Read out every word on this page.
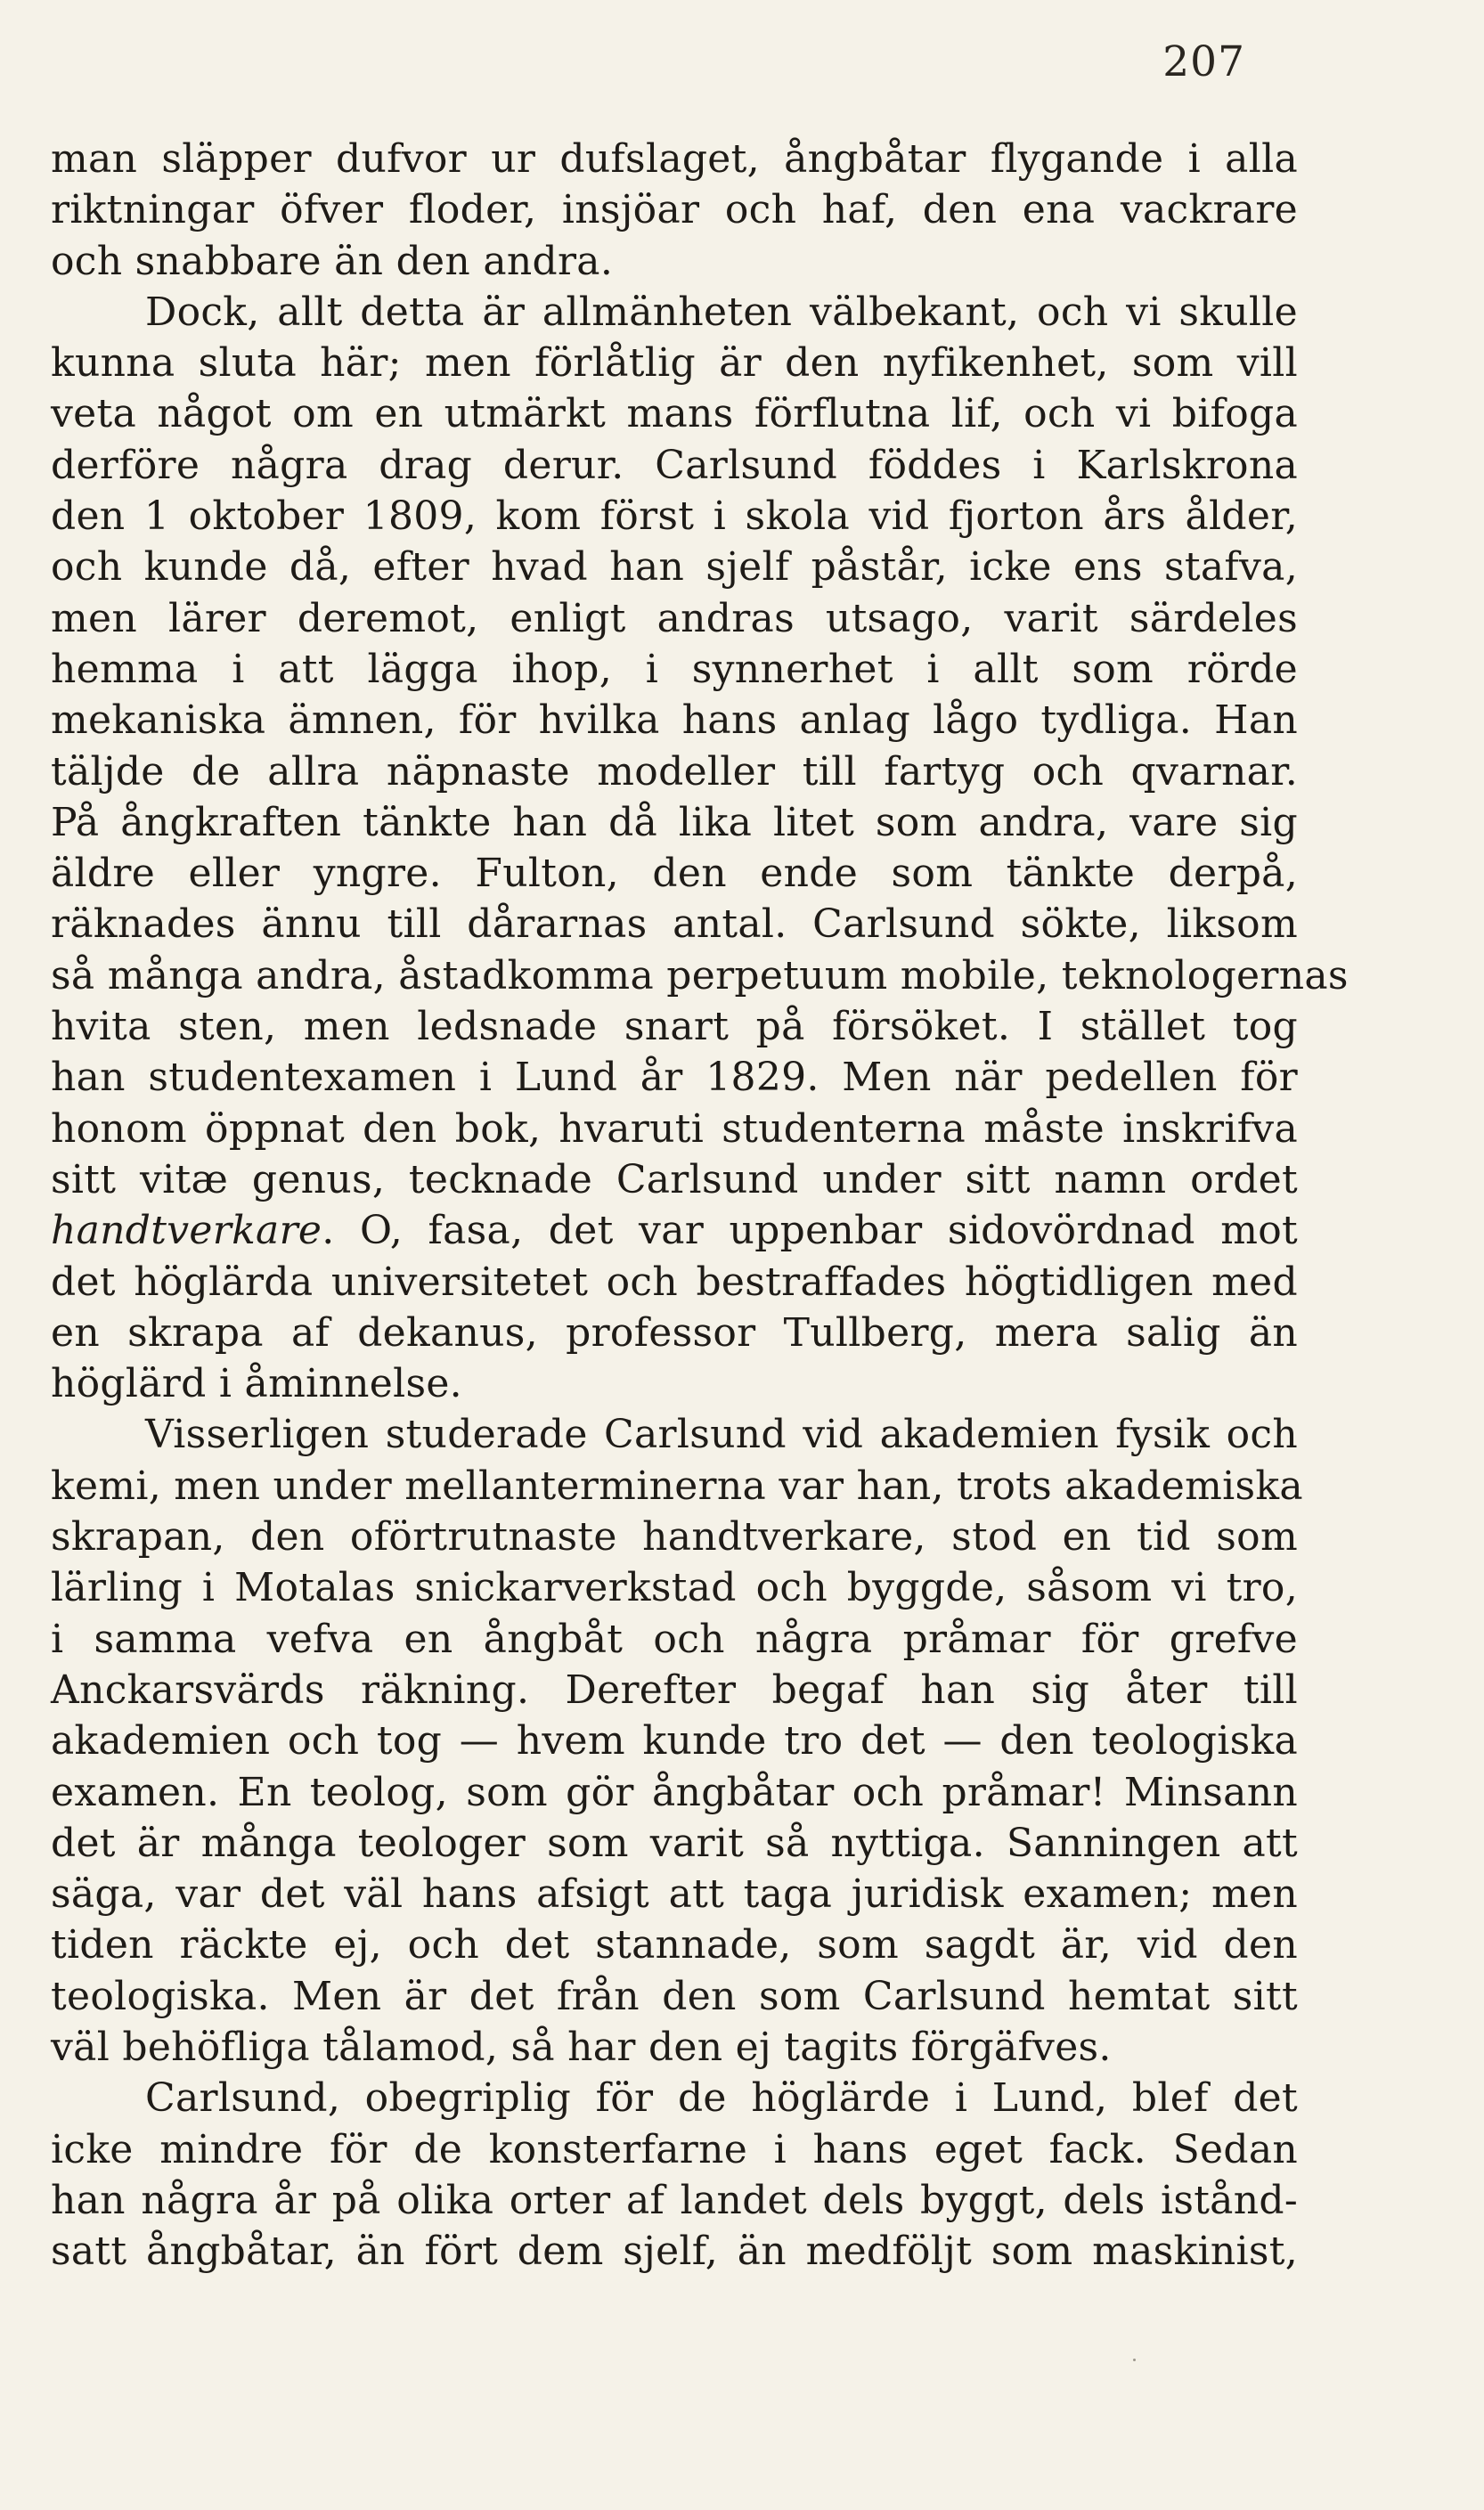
207
man släpper dufvor ur dufslaget, ångbåtar flygande i alla
riktningar öfver floder, insjöar och haf, den ena vackrare
och snabbare än den andra.
Dock, allt detta är allmänheten välbekant, och vi skulle
kunna sluta här; men förlåtlig är den nyfikenhet, som vill
veta något om en utmärkt mans förflutna lif, och vi bifoga
derföre några drag derur. Carlsund föddes i Karlskrona
den 1 oktober 1809, kom först i skola vid fjorton års ålder,
och kunde då, efter hvad han sjelf påstår, icke ens stafva,
men lärer deremot, enligt andras utsago, varit särdeles
hemma i att lägga ihop, i synnerhet i allt som rörde
mekaniska ämnen, för hvilka hans anlag lågo tydliga. Han
täljde de allra näpnaste modeller till fartyg och qvarnar.
På ångkraften tänkte han då lika litet som andra, vare sig
äldre eller yngre. Fulton, den ende som tänkte derpå,
räknades ännu till dårarnas antal. Carlsund sökte, liksom
så många andra, åstadkomma perpetuum mobile, teknologernas
hvita sten, men ledsnade snart på försöket. I stället tog
han studentexamen i Lund år 1829. Men när pedellen för
honom öppnat den bok, hvaruti studenterna måste inskrifva
sitt vitæ genus, tecknade Carlsund under sitt namn ordet
handtverkare. O, fasa, det var uppenbar sidovördnad mot
det höglärda universitetet och bestraffades högtidligen med
en skrapa af dekanus, professor Tullberg, mera salig än
höglärd i åminnelse.
Visserligen studerade Carlsund vid akademien fysik och
kemi, men under mellanterminerna var han, trots akademiska
skrapan, den oförtrutnaste handtverkare, stod en tid som
lärling i Motalas snickarverkstad och byggde, såsom vi tro,
i samma vefva en ångbåt och några pråmar för grefve
Anckarsvärds räkning. Derefter begaf han sig åter till
akademien och tog — hvem kunde tro det — den teologiska
examen. En teolog, som gör ångbåtar och pråmar! Minsann
det är många teologer som varit så nyttiga. Sanningen att
säga, var det väl hans afsigt att taga juridisk examen; men
tiden räckte ej, och det stannade, som sagdt är, vid den
teologiska. Men är det från den som Carlsund hemtat sitt
väl behöfliga tålamod, så har den ej tagits förgäfves.
Carlsund, obegriplig för de höglärde i Lund, blef det
icke mindre för de konsterfarne i hans eget fack. Sedan
han några år på olika orter af landet dels byggt, dels istånd-
satt ångbåtar, än fört dem sjelf, än medföljt som maskinist,
